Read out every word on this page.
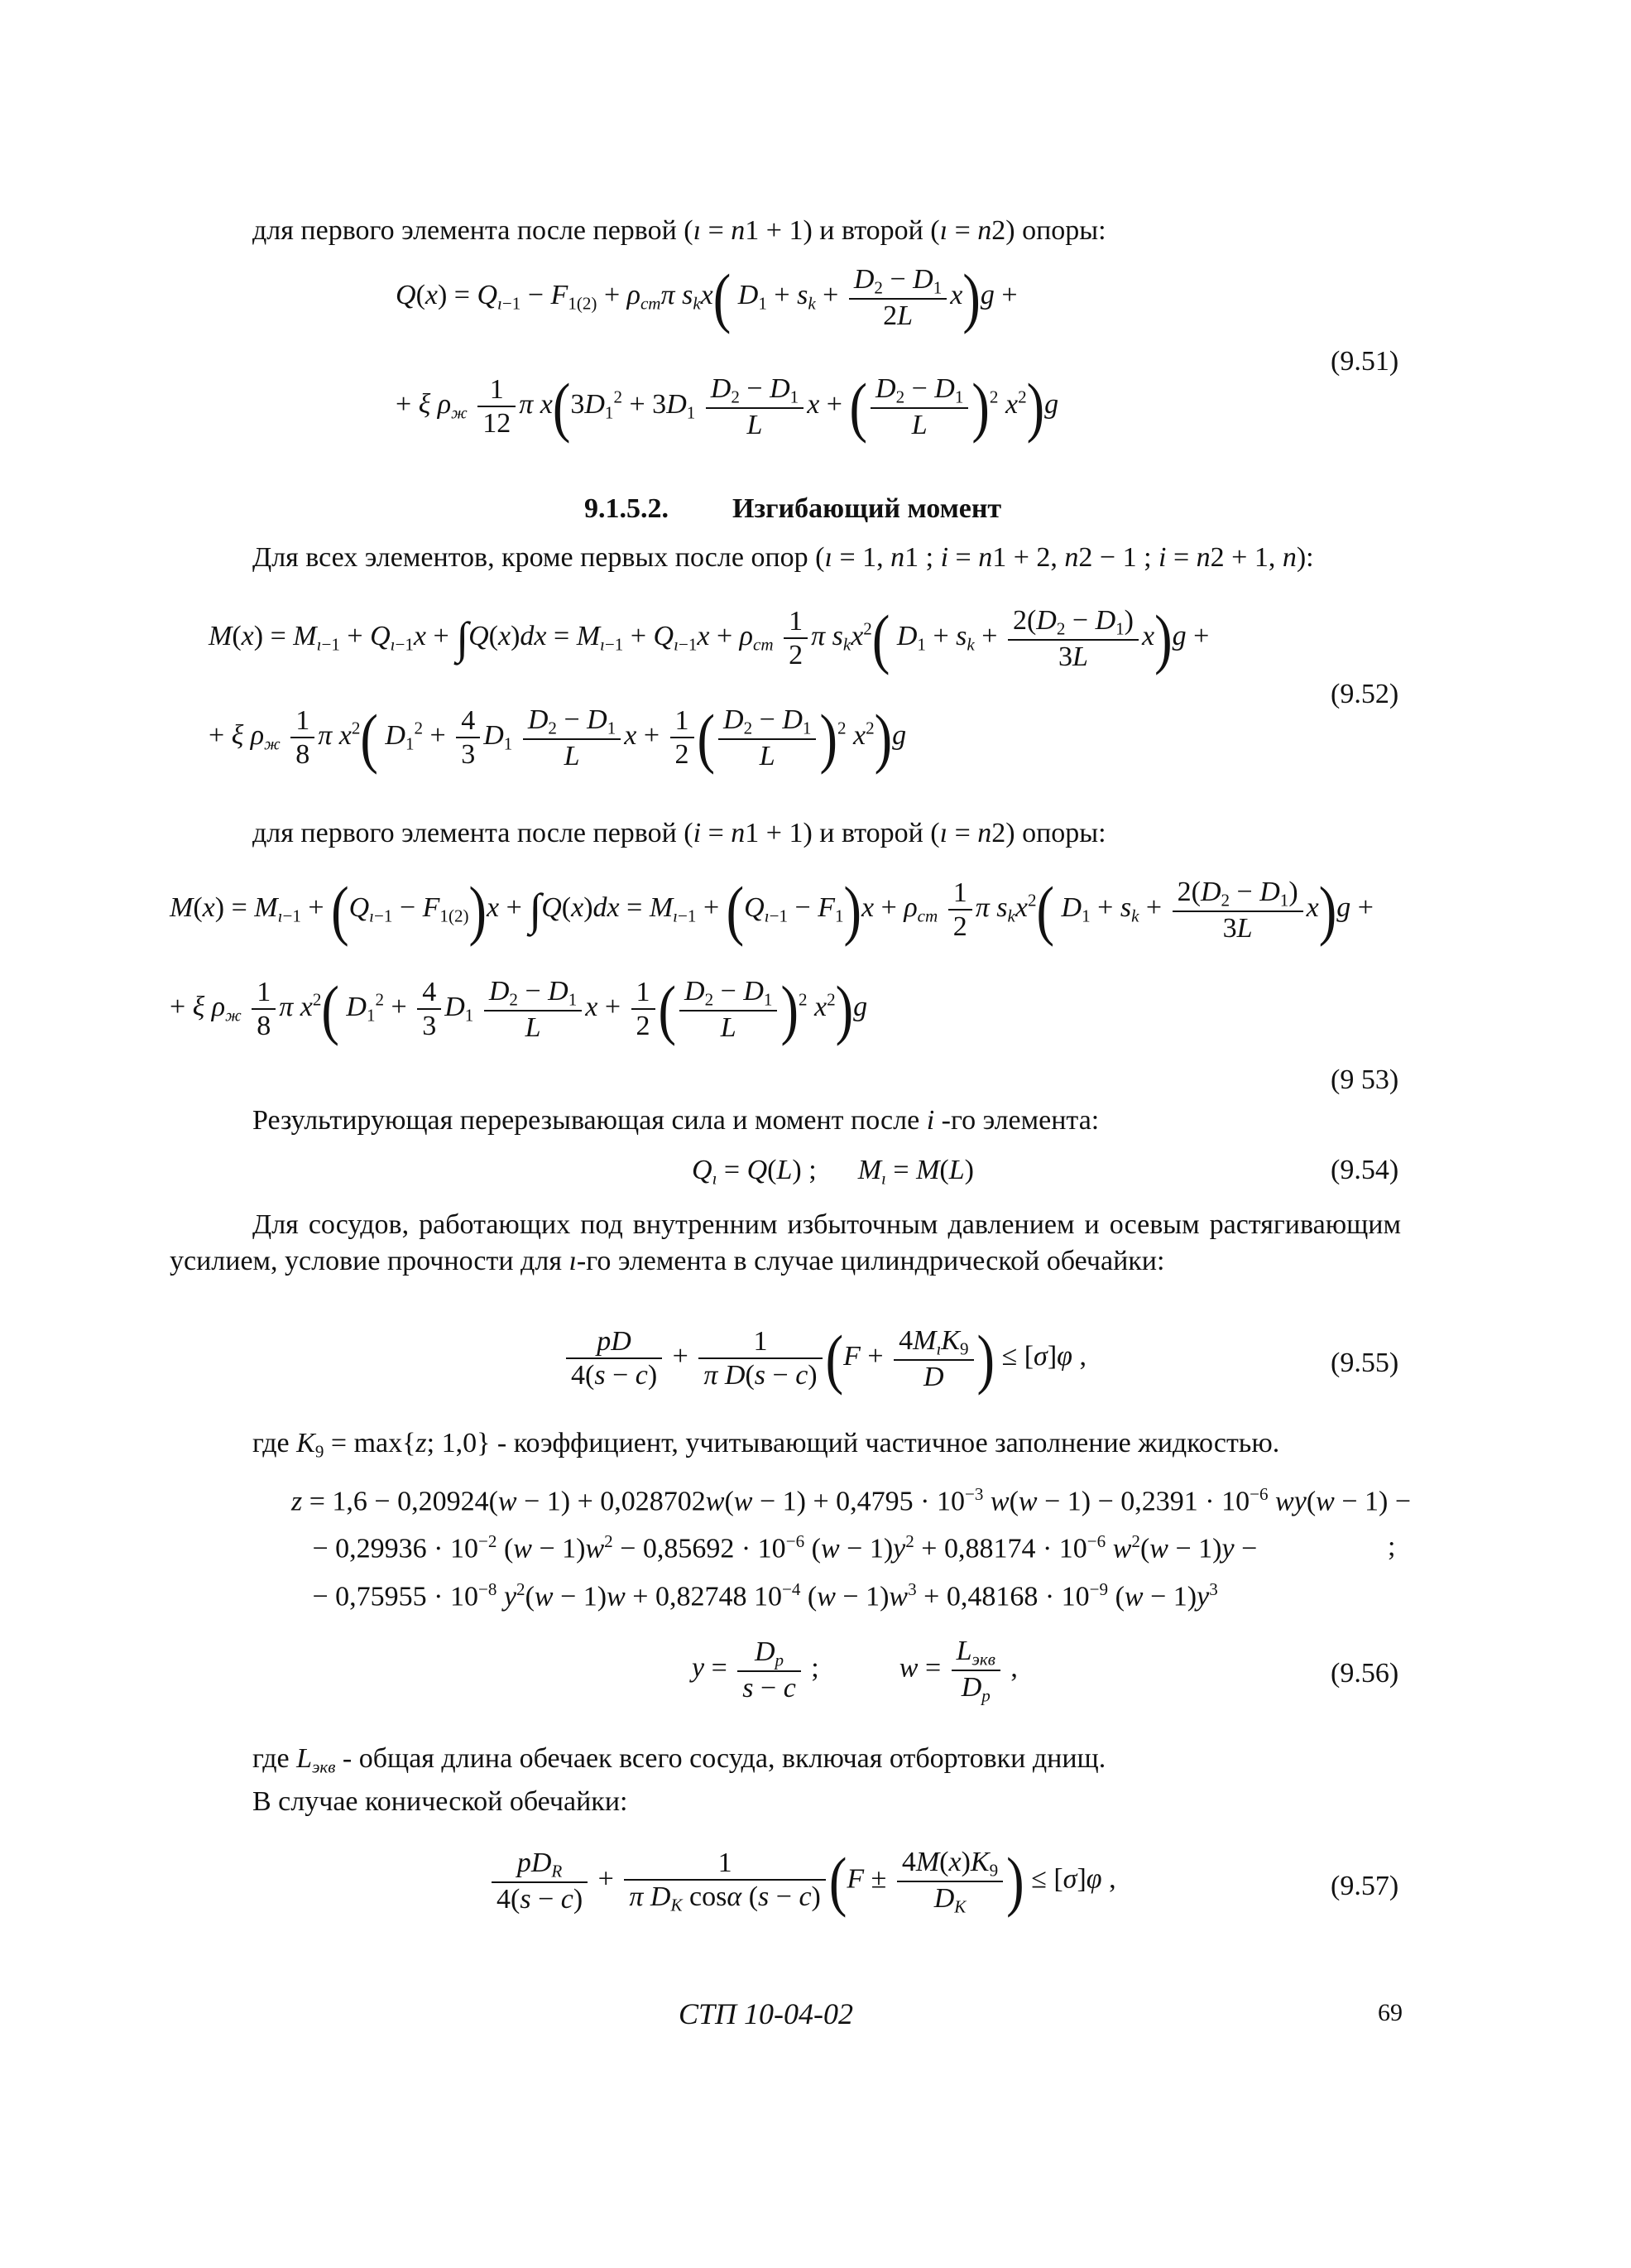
для первого элемента после первой (ı = n1 + 1) и второй (ı = n2) опоры:
$Q(x) = Q_{ı-1} - F_{1(2)} + \rho_{cm}\pi$ $s_kx$( $D_1 + s_k + \frac{D_2 - D_1}{2L} x)g$ +
+ ξ $\rho_ж \frac{1}{12}$ π $x(3D_1^2 + 3D_1 \frac{D_2 - D_1}{L}$ x + ( $\frac{D_2 - D_1}{L} )^2$ $x^2)g$
(9.51)
9.1.5.2. Изгибающий момент
Для всех элементов, кроме первых после опор (ı = 1, n1 ; i = n1 + 2, n2 − 1 ; i = n2 + 1, n):
$M(x) = M_{ı-1} + Q_{ı-1}x + \int Q(x)dx = M_{ı-1} + Q_{ı-1}x + \rho_{cm} \frac{1}{2}$ π $s_kx^2$( $D_1 + s_k + \frac{2(D_2 - D_1)}{3L} x)g$ +
+ ξ $\rho_ж \frac{1}{8}$ π $x^2$( $D_1^2 + \frac{4}{3} D_1 \frac{D_2 - D_1}{L}$ $x + \frac{1}{2}$ ( $\frac{D_2 - D_1}{L} )^2$ $x^2)g$
(9.52)
для первого элемента после первой (i = n1 + 1) и второй (ı = n2) опоры:
$M(x) = M_{ı-1} + (Q_{ı-1} - F_{1(2)})x + \int Q(x)dx = M_{ı-1} + (Q_{ı-1} - F_1)x + \rho_{cm} \frac{1}{2}$ π $s_kx^2$( $D_1 + s_k + \frac{2(D_2 - D_1)}{3L} x)g$ +
+ ξ $\rho_ж \frac{1}{8}$ π $x^2$( $D_1^2 + \frac{4}{3} D_1 \frac{D_2 - D_1}{L}$ $x + \frac{1}{2}$ ( $\frac{D_2 - D_1}{L} )^2$ $x^2)g$
(9 53)
Результирующая перерезывающая сила и момент после i -го элемента:
$Q_ı = Q(L)$ ; $M_ı = M(L)$	(9.54)
Для сосудов, работающих под внутренним избыточным давлением и осевым растягивающим усилием, условие прочности для ı-го элемента в случае цилиндрической обечайки:
$\frac{pD}{4(s - c)} + \frac{1}{\text{π D(s − c)}} (F + \frac{4M_ıK_9}{D}$ ) ≤ [σ]φ ,	(9.55)
где $K_9 = \max\{z$; 1,0} - коэффициент, учитывающий частичное заполнение жидкостью.
$z = 1,6 - 0,20924(w - 1) + 0,028702w(w - 1) + 0,4795 \cdot 10^{-3}$ $w(w - 1) - 0,2391 \cdot 10^{-6}$ wy(w − 1) −
− $0,29936 \cdot 10^{-2}$ $(w - 1)w^2 - 0,85692 \cdot 10^{-6}$ $(w - 1)y^2 + 0,88174 \cdot 10^{-6}$ $w^2(w - 1)y$ −	;
− $0,75955 \cdot 10^{-8}$ $y^2(w - 1)w + 0,82748$ $10^{-4}$ $(w - 1)w^3 + 0,48168 \cdot 10^{-9}$ $(w - 1)y^3$
$y = \frac{D_p}{s - c}$ ;	$w = \frac{L_{экв}}{D_p}$ ,	(9.56)
где $L_{экв}$ - общая длина обечаек всего сосуда, включая отбортовки днищ.
В случае конической обечайки:
$\frac{pD_R}{4(s - c)} + \frac{1}{\pi D_K \cos\alpha (s - c)} (F \pm \frac{4M(x)K_9}{D_K}$ ) ≤ [σ]φ ,	(9.57)
СТП 10-04-02	69
